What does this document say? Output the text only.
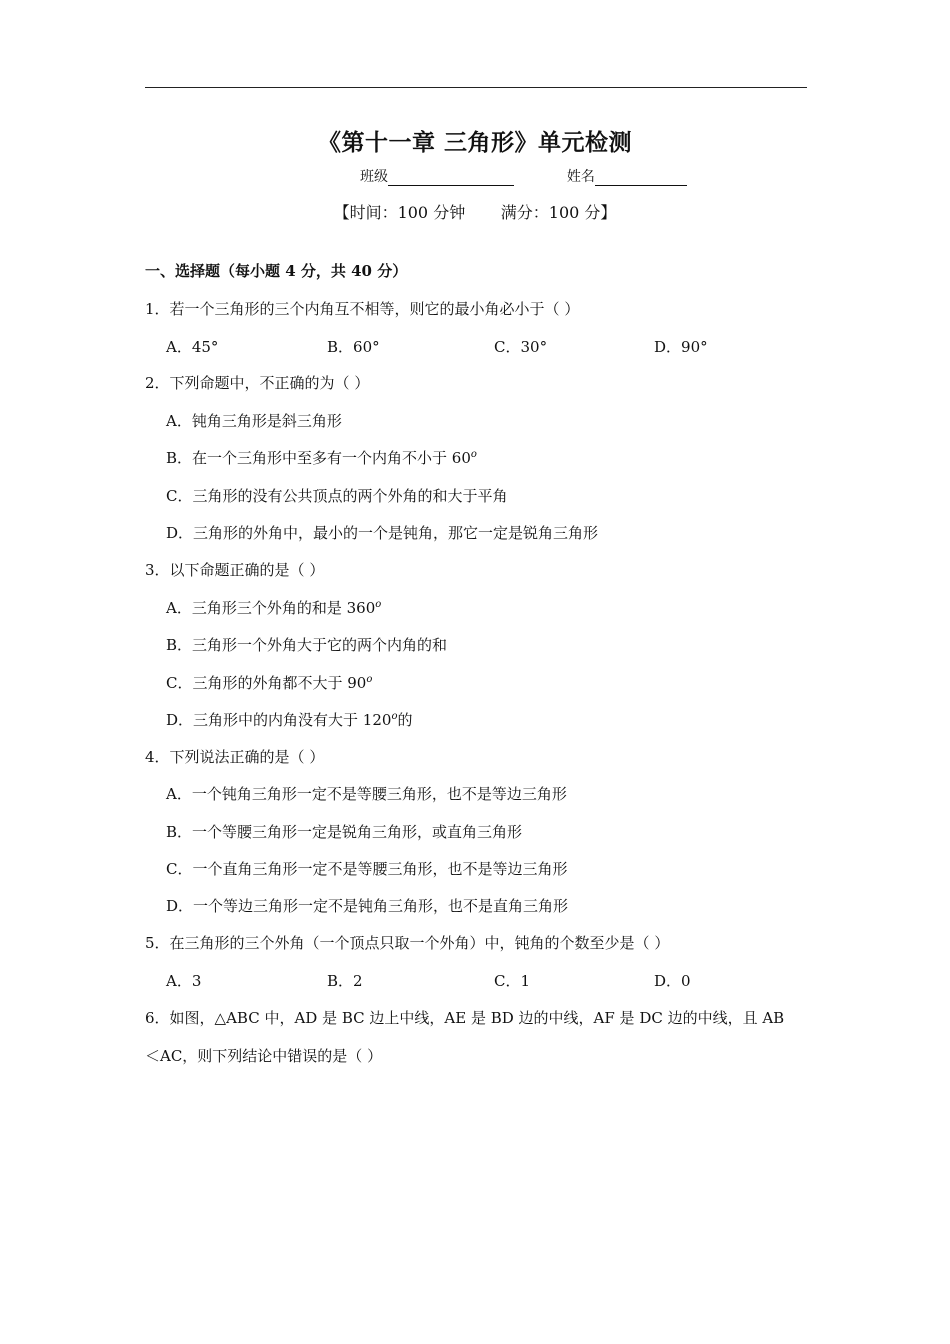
《第十一章 三角形》单元检测
班级	姓名
【时间：100 分钟       满分：100 分】
一、选择题（每小题 4 分，共 40 分）
1．若一个三角形的三个内角互不相等，则它的最小角必小于（ ）
A．45°	B．60°	C．30°	D．90°
2．下列命题中，不正确的为（ ）
A．钝角三角形是斜三角形
B．在一个三角形中至多有一个内角不小于 60$^o$
C．三角形的没有公共顶点的两个外角的和大于平角
D．三角形的外角中，最小的一个是钝角，那它一定是锐角三角形
3．以下命题正确的是（ ）
A．三角形三个外角的和是 360$^o$
B．三角形一个外角大于它的两个内角的和
C．三角形的外角都不大于 90$^o$
D．三角形中的内角没有大于 120$^o$的
4．下列说法正确的是（ ）
A．一个钝角三角形一定不是等腰三角形，也不是等边三角形
B．一个等腰三角形一定是锐角三角形，或直角三角形
C．一个直角三角形一定不是等腰三角形，也不是等边三角形
D．一个等边三角形一定不是钝角三角形，也不是直角三角形
5．在三角形的三个外角（一个顶点只取一个外角）中，钝角的个数至少是（ ）
A．3	B．2	C．1	D．0
6．如图，△ABC 中，AD 是 BC 边上中线，AE 是 BD 边的中线，AF 是 DC 边的中线，且 AB
＜AC，则下列结论中错误的是（ ）
